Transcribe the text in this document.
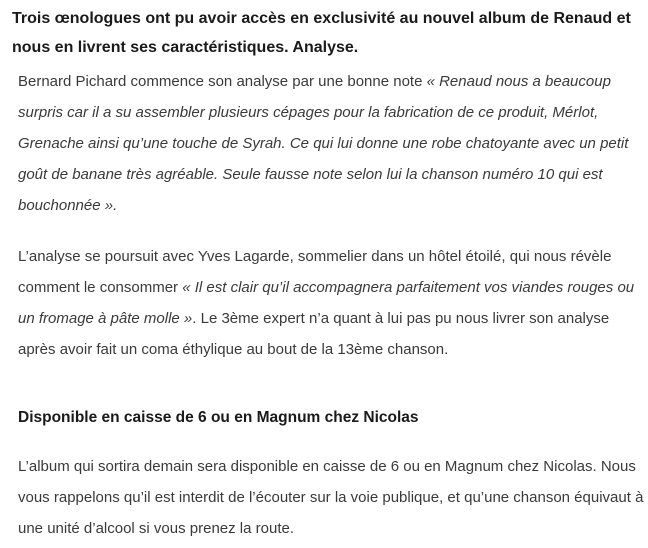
Trois œnologues ont pu avoir accès en exclusivité au nouvel album de Renaud et nous en livrent ses caractéristiques. Analyse.

Bernard Pichard commence son analyse par une bonne note « Renaud nous a beaucoup surpris car il a su assembler plusieurs cépages pour la fabrication de ce produit, Mérlot, Grenache ainsi qu’une touche de Syrah. Ce qui lui donne une robe chatoyante avec un petit goût de banane très agréable. Seule fausse note selon lui la chanson numéro 10 qui est bouchonnée ».

L’analyse se poursuit avec Yves Lagarde, sommelier dans un hôtel étoilé, qui nous révèle comment le consommer « Il est clair qu’il accompagnera parfaitement vos viandes rouges ou un fromage à pâte molle ». Le 3ème expert n’a quant à lui pas pu nous livrer son analyse après avoir fait un coma éthylique au bout de la 13ème chanson.

Disponible en caisse de 6 ou en Magnum chez Nicolas

L’album qui sortira demain sera disponible en caisse de 6 ou en Magnum chez Nicolas. Nous vous rappelons qu’il est interdit de l’écouter sur la voie publique, et qu’une chanson équivaut à une unité d’alcool si vous prenez la route.
